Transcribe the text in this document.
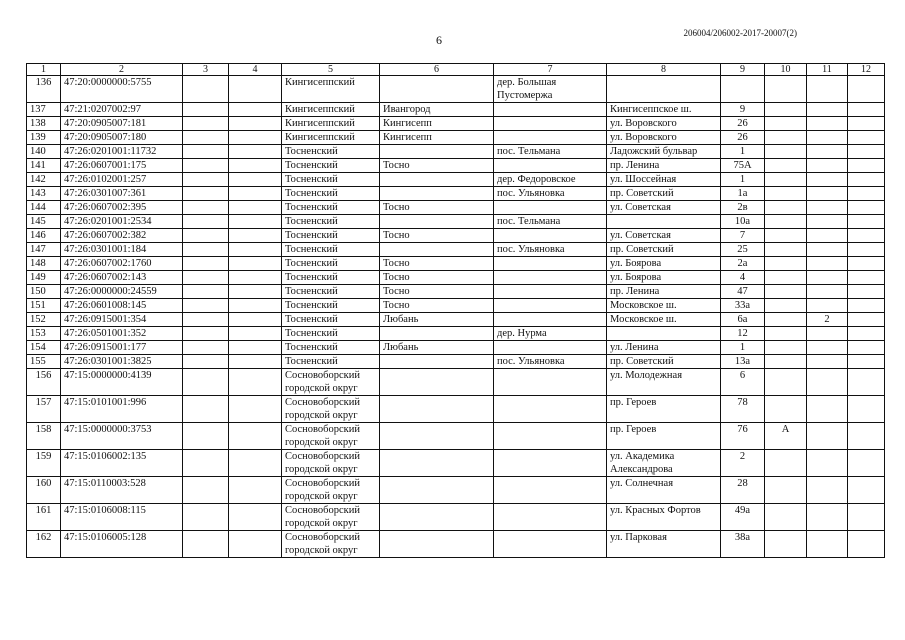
206004/206002-2017-20007(2)
6
1	2	3	4	5	6	7	8	9	10	11	12
136	47:20:0000000:5755			Кингисеппский		дер. Большая Пустомержа					
137	47:21:0207002:97			Кингисеппский	Ивангород		Кингисеппское ш.	9			
138	47:20:0905007:181			Кингисеппский	Кингисепп		ул. Воровского	26			
139	47:20:0905007:180			Кингисеппский	Кингисепп		ул. Воровского	26			
140	47:26:0201001:11732			Тосненский		пос. Тельмана	Ладожский бульвар	1			
141	47:26:0607001:175			Тосненский	Тосно		пр. Ленина	75А			
142	47:26:0102001:257			Тосненский		дер. Федоровское	ул. Шоссейная	1			
143	47:26:0301007:361			Тосненский		пос. Ульяновка	пр. Советский	1а			
144	47:26:0607002:395			Тосненский	Тосно		ул. Советская	2в			
145	47:26:0201001:2534			Тосненский		пос. Тельмана		10а			
146	47:26:0607002:382			Тосненский	Тосно		ул. Советская	7			
147	47:26:0301001:184			Тосненский		пос. Ульяновка	пр. Советский	25			
148	47:26:0607002:1760			Тосненский	Тосно		ул. Боярова	2а			
149	47:26:0607002:143			Тосненский	Тосно		ул. Боярова	4			
150	47:26:0000000:24559			Тосненский	Тосно		пр. Ленина	47			
151	47:26:0601008:145			Тосненский	Тосно		Московское ш.	33а			
152	47:26:0915001:354			Тосненский	Любань		Московское ш.	6а		2	
153	47:26:0501001:352			Тосненский		дер. Нурма		12			
154	47:26:0915001:177			Тосненский	Любань		ул. Ленина	1			
155	47:26:0301001:3825			Тосненский		пос. Ульяновка	пр. Советский	13а			
156	47:15:0000000:4139			Сосновоборский городской округ			ул. Молодежная	6			
157	47:15:0101001:996			Сосновоборский городской округ			пр. Героев	78			
158	47:15:0000000:3753			Сосновоборский городской округ			пр. Героев	76	А		
159	47:15:0106002:135			Сосновоборский городской округ			ул. Академика Александрова	2			
160	47:15:0110003:528			Сосновоборский городской округ			ул. Солнечная	28			
161	47:15:0106008:115			Сосновоборский городской округ			ул. Красных Фортов	49а			
162	47:15:0106005:128			Сосновоборский городской округ			ул. Парковая	38а			
